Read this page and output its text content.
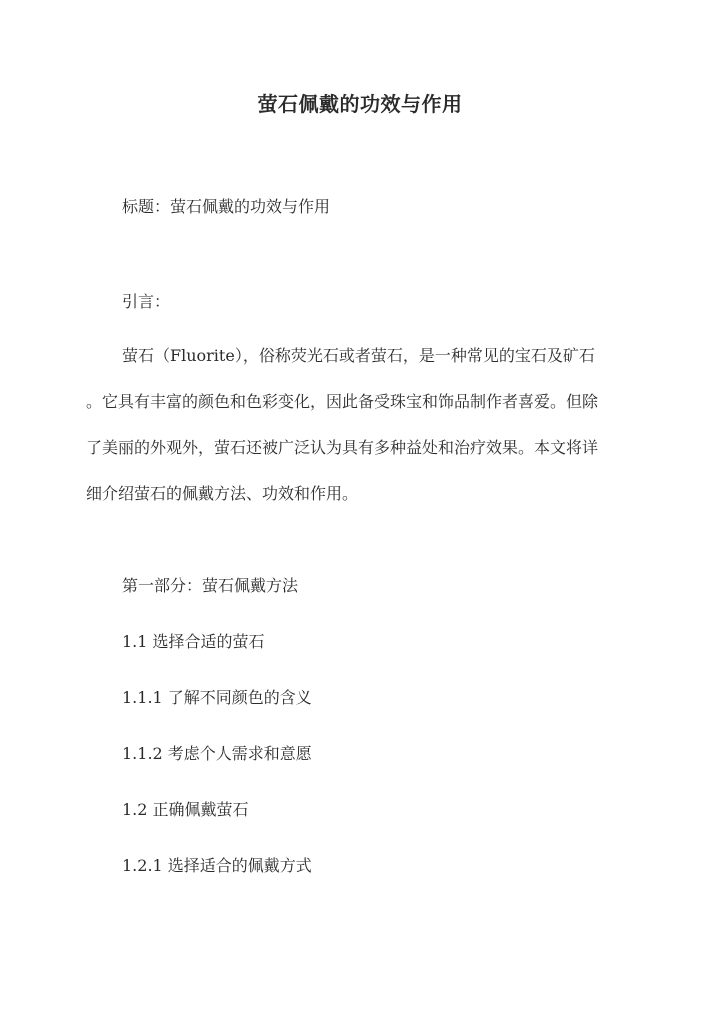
萤石佩戴的功效与作用
标题：萤石佩戴的功效与作用
引言：
萤石（Fluorite），俗称荧光石或者萤石，是一种常见的宝石及矿石
。它具有丰富的颜色和色彩变化，因此备受珠宝和饰品制作者喜爱。但除
了美丽的外观外，萤石还被广泛认为具有多种益处和治疗效果。本文将详
细介绍萤石的佩戴方法、功效和作用。
第一部分：萤石佩戴方法
1.1 选择合适的萤石
1.1.1 了解不同颜色的含义
1.1.2 考虑个人需求和意愿
1.2 正确佩戴萤石
1.2.1 选择适合的佩戴方式
